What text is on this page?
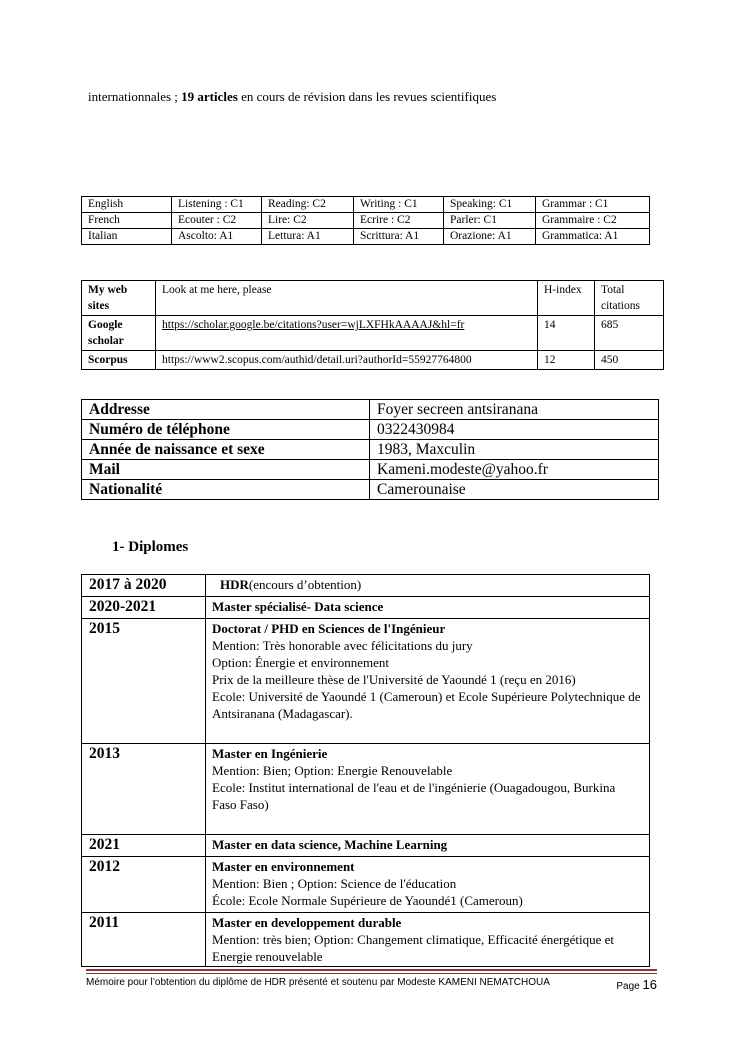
internationnales ; 19 articles en cours de révision dans les revues scientifiques
English	Listening : C1	Reading: C2	Writing : C1	Speaking: C1	Grammar : C1
French	Ecouter : C2	Lire: C2	Ecrire : C2	Parler: C1	Grammaire : C2
Italian	Ascolto: A1	Lettura: A1	Scrittura: A1	Orazione: A1	Grammatica: A1
My web sites	Look at me here, please	H-index	Total citations
Google scholar	https://scholar.google.be/citations?user=wjLXFHkAAAAJ&hl=fr	14	685
Scorpus	https://www2.scopus.com/authid/detail.uri?authorId=55927764800	12	450
Addresse	Foyer secreen antsiranana
Numéro de téléphone	0322430984
Année de naissance et sexe	1983, Maxculin
Mail	Kameni.modeste@yahoo.fr
Nationalité	Camerounaise
1- Diplomes
2017 à 2020	HDR(encours d’obtention)

2020-2021	Master spécialisé- Data science

2015	Doctorat / PHD en Sciences de l'Ingénieur
Mention: Très honorable avec félicitations du jury
Option: Énergie et environnement
Prix de la meilleure thèse de l'Université de Yaoundé 1 (reçu en 2016)
Ecole: Université de Yaoundé 1 (Cameroun) et Ecole Supérieure Polytechnique de Antsiranana (Madagascar).

2013	Master en Ingénierie
Mention: Bien; Option: Energie Renouvelable
Ecole: Institut international de l'eau et de l'ingénierie (Ouagadougou, Burkina Faso Faso)

2021	Master en data science, Machine Learning

2012	Master en environnement
Mention: Bien ; Option: Science de l'éducation
École: Ecole Normale Supérieure de Yaoundé1 (Cameroun)

2011	Master en developpement durable
Mention: très bien; Option: Changement climatique, Efficacité énergétique et Energie renouvelable
Mémoire pour l’obtention du diplôme de HDR présenté et soutenu par Modeste KAMENI NEMATCHOUA	Page 16
